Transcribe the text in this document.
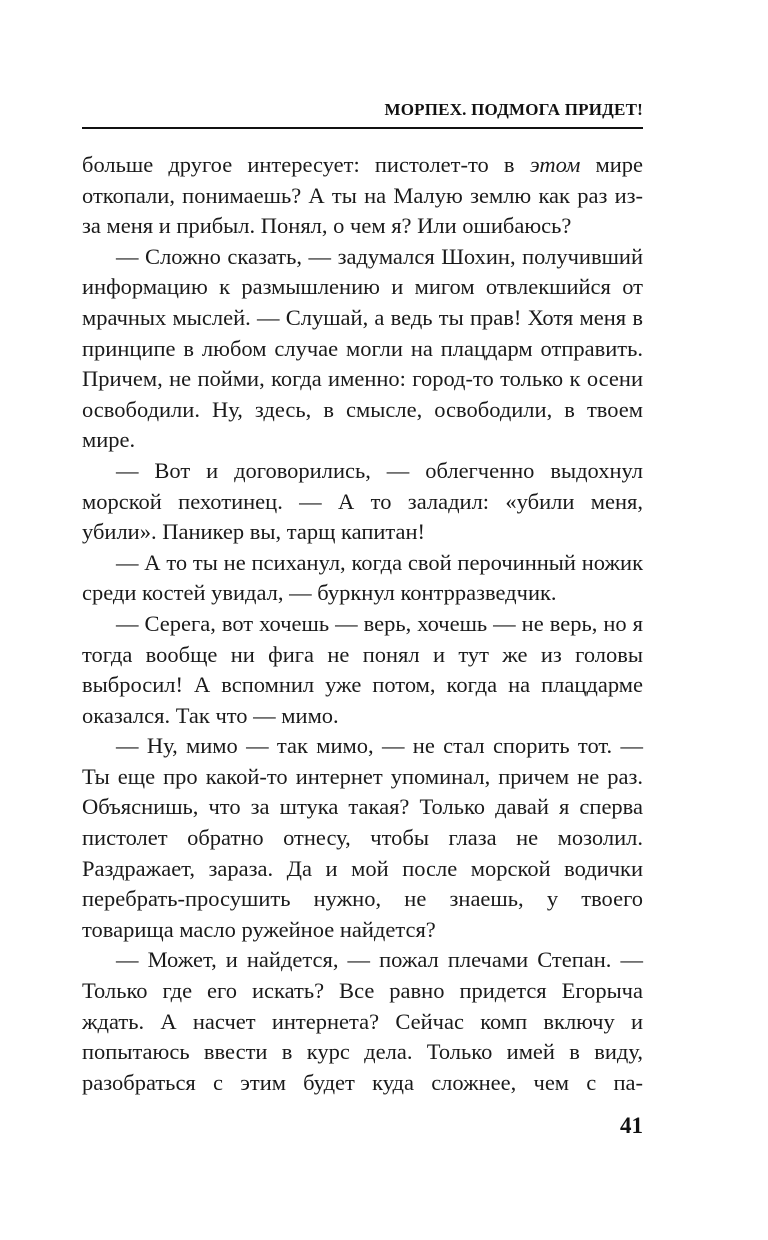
МОРПЕХ. ПОДМОГА ПРИДЕТ!

больше другое интересует: пистолет-то в этом мире откопали, понимаешь? А ты на Малую землю как раз из-за меня и прибыл. Понял, о чем я? Или ошибаюсь?

— Сложно сказать, — задумался Шохин, получивший информацию к размышлению и мигом отвлекшийся от мрачных мыслей. — Слушай, а ведь ты прав! Хотя меня в принципе в любом случае могли на плацдарм отправить. Причем, не пойми, когда именно: город-то только к осени освободили. Ну, здесь, в смысле, освободили, в твоем мире.

— Вот и договорились, — облегченно выдохнул морской пехотинец. — А то заладил: «убили меня, убили». Паникер вы, тарщ капитан!

— А то ты не психанул, когда свой перочинный ножик среди костей увидал, — буркнул контрразведчик.

— Серега, вот хочешь — верь, хочешь — не верь, но я тогда вообще ни фига не понял и тут же из головы выбросил! А вспомнил уже потом, когда на плацдарме оказался. Так что — мимо.

— Ну, мимо — так мимо, — не стал спорить тот. — Ты еще про какой-то интернет упоминал, причем не раз. Объяснишь, что за штука такая? Только давай я сперва пистолет обратно отнесу, чтобы глаза не мозолил. Раздражает, зараза. Да и мой после морской водички перебрать-просушить нужно, не знаешь, у твоего товарища масло ружейное найдется?

— Может, и найдется, — пожал плечами Степан. — Только где его искать? Все равно придется Егорыча ждать. А насчет интернета? Сейчас комп включу и попытаюсь ввести в курс дела. Только имей в виду, разобраться с этим будет куда сложнее, чем с па-

41
